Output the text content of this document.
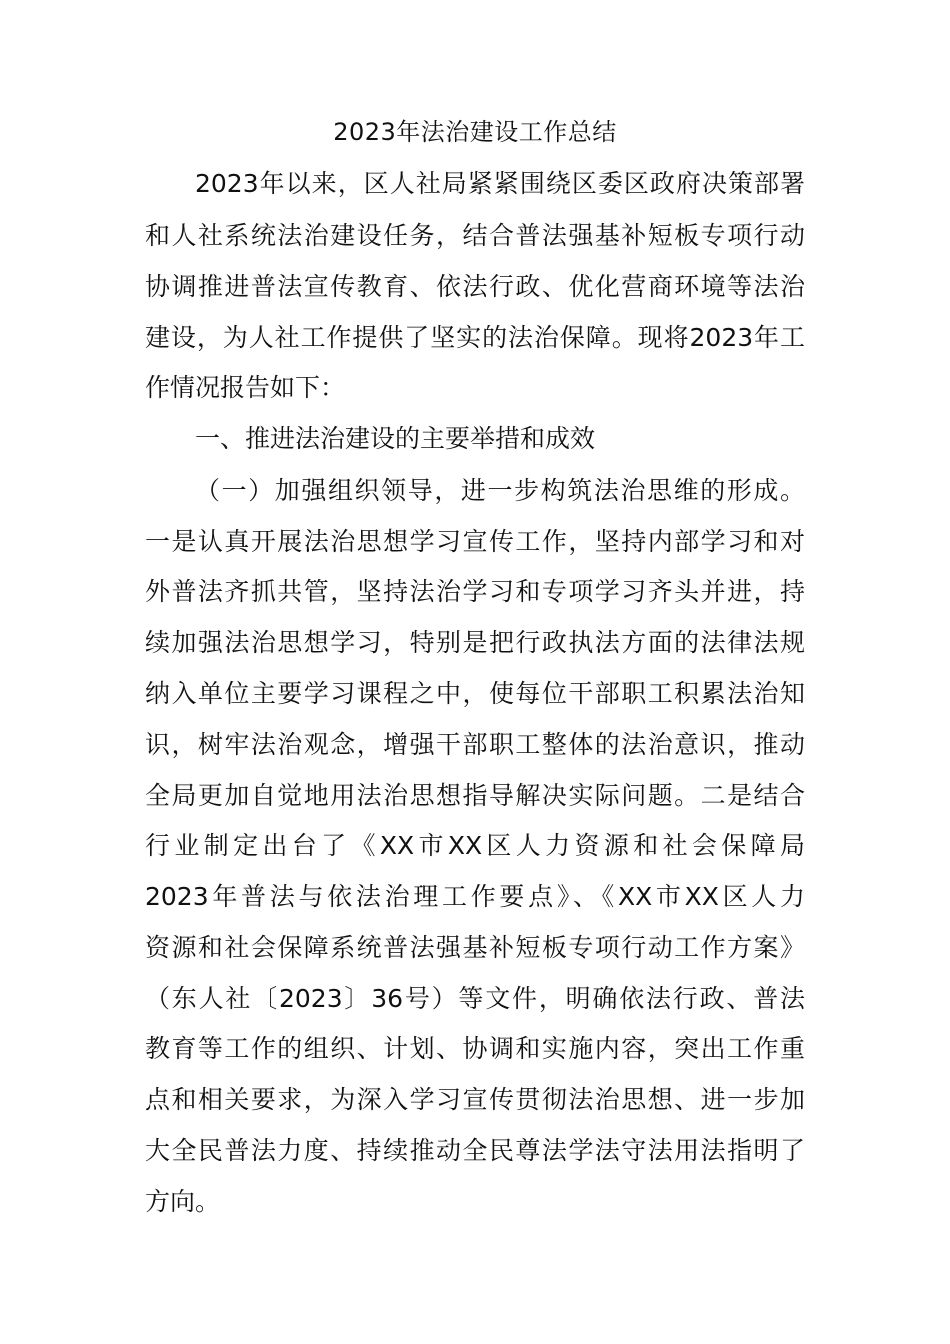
2023年法治建设工作总结
2023年以来，区人社局紧紧围绕区委区政府决策部署
和人社系统法治建设任务，结合普法强基补短板专项行动
协调推进普法宣传教育、依法行政、优化营商环境等法治
建设，为人社工作提供了坚实的法治保障。现将2023年工
作情况报告如下：
一、推进法治建设的主要举措和成效
（一）加强组织领导，进一步构筑法治思维的形成。
一是认真开展法治思想学习宣传工作，坚持内部学习和对
外普法齐抓共管，坚持法治学习和专项学习齐头并进，持
续加强法治思想学习，特别是把行政执法方面的法律法规
纳入单位主要学习课程之中，使每位干部职工积累法治知
识，树牢法治观念，增强干部职工整体的法治意识，推动
全局更加自觉地用法治思想指导解决实际问题。二是结合
行业制定出台了《XX市XX区人力资源和社会保障局
2023年普法与依法治理工作要点》、《XX市XX区人力
资源和社会保障系统普法强基补短板专项行动工作方案》
（东人社〔2023〕36号）等文件，明确依法行政、普法
教育等工作的组织、计划、协调和实施内容，突出工作重
点和相关要求，为深入学习宣传贯彻法治思想、进一步加
大全民普法力度、持续推动全民尊法学法守法用法指明了
方向。
